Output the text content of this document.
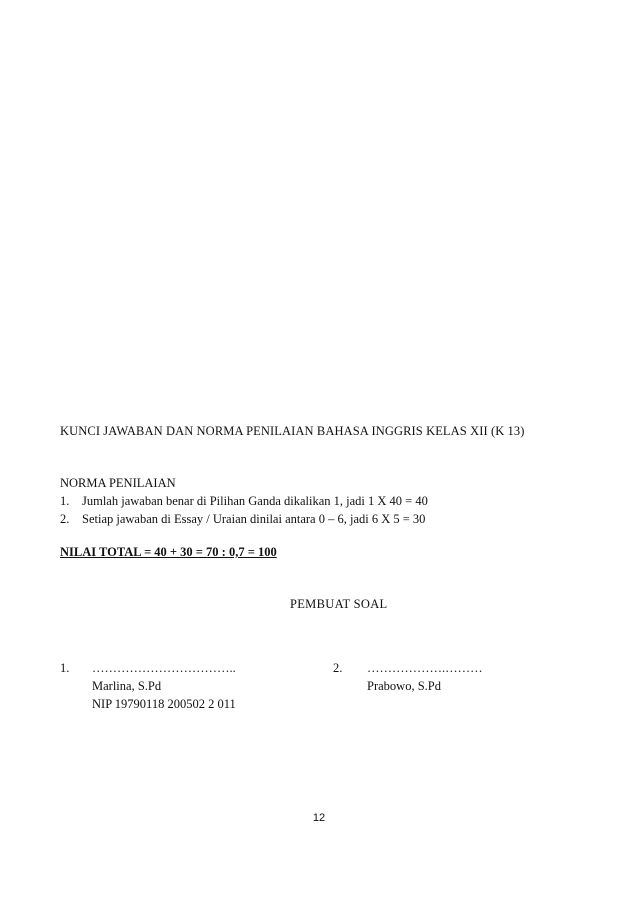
KUNCI JAWABAN DAN NORMA PENILAIAN BAHASA INGGRIS KELAS XII (K 13)
NORMA PENILAIAN
1. Jumlah jawaban benar di Pilihan Ganda dikalikan 1, jadi 1 X 40 = 40
2. Setiap jawaban di Essay / Uraian dinilai antara 0 – 6, jadi 6 X 5 = 30
NILAI TOTAL = 40 + 30 = 70 : 0,7 = 100
PEMBUAT SOAL
1. ……………………………..
Marlina, S.Pd
NIP 19790118 200502 2 011
2. ……………….………
Prabowo, S.Pd
12
